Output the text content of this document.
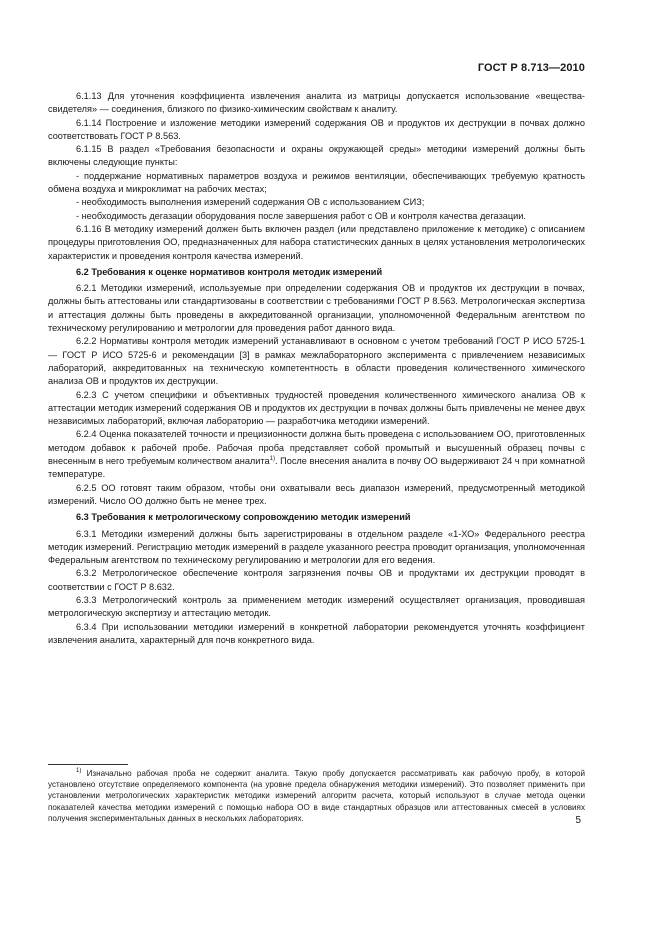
ГОСТ Р 8.713—2010

6.1.13 Для уточнения коэффициента извлечения аналита из матрицы допускается использование «вещества-свидетеля» — соединения, близкого по физико-химическим свойствам к аналиту.

6.1.14 Построение и изложение методики измерений содержания ОВ и продуктов их деструкции в почвах должно соответствовать ГОСТ Р 8.563.

6.1.15 В раздел «Требования безопасности и охраны окружающей среды» методики измерений должны быть включены следующие пункты:

- поддержание нормативных параметров воздуха и режимов вентиляции, обеспечивающих требуемую кратность обмена воздуха и микроклимат на рабочих местах;

- необходимость выполнения измерений содержания ОВ с использованием СИЗ;

- необходимость дегазации оборудования после завершения работ с ОВ и контроля качества дегазации.

6.1.16 В методику измерений должен быть включен раздел (или представлено приложение к методике) с описанием процедуры приготовления ОО, предназначенных для набора статистических данных в целях установления метрологических характеристик и проведения контроля качества измерений.

6.2 Требования к оценке нормативов контроля методик измерений

6.2.1 Методики измерений, используемые при определении содержания ОВ и продуктов их деструкции в почвах, должны быть аттестованы или стандартизованы в соответствии с требованиями ГОСТ Р 8.563. Метрологическая экспертиза и аттестация должны быть проведены в аккредитованной организации, уполномоченной Федеральным агентством по техническому регулированию и метрологии для проведения работ данного вида.

6.2.2 Нормативы контроля методик измерений устанавливают в основном с учетом требований ГОСТ Р ИСО 5725-1 — ГОСТ Р ИСО 5725-6 и рекомендации [3] в рамках межлабораторного эксперимента с привлечением независимых лабораторий, аккредитованных на техническую компетентность в области проведения количественного химического анализа ОВ и продуктов их деструкции.

6.2.3 С учетом специфики и объективных трудностей проведения количественного химического анализа ОВ к аттестации методик измерений содержания ОВ и продуктов их деструкции в почвах должны быть привлечены не менее двух независимых лабораторий, включая лабораторию — разработчика методики измерений.

6.2.4 Оценка показателей точности и прецизионности должна быть проведена с использованием ОО, приготовленных методом добавок к рабочей пробе. Рабочая проба представляет собой промытый и высушенный образец почвы с внесенным в него требуемым количеством аналита$^{1)}$. После внесения аналита в почву ОО выдерживают 24 ч при комнатной температуре.

6.2.5 ОО готовят таким образом, чтобы они охватывали весь диапазон измерений, предусмотренный методикой измерений. Число ОО должно быть не менее трех.

6.3 Требования к метрологическому сопровождению методик измерений

6.3.1 Методики измерений должны быть зарегистрированы в отдельном разделе «1-ХО» Федерального реестра методик измерений. Регистрацию методик измерений в разделе указанного реестра проводит организация, уполномоченная Федеральным агентством по техническому регулированию и метрологии для его ведения.

6.3.2 Метрологическое обеспечение контроля загрязнения почвы ОВ и продуктами их деструкции проводят в соответствии с ГОСТ Р 8.632.

6.3.3 Метрологический контроль за применением методик измерений осуществляет организация, проводившая метрологическую экспертизу и аттестацию методик.

6.3.4 При использовании методики измерений в конкретной лаборатории рекомендуется уточнять коэффициент извлечения аналита, характерный для почв конкретного вида.

$^{1)}$ Изначально рабочая проба не содержит аналита. Такую пробу допускается рассматривать как рабочую пробу, в которой установлено отсутствие определяемого компонента (на уровне предела обнаружения методики измерений). Это позволяет применить при установлении метрологических характеристик методики измерений алгоритм расчета, который используют в случае метода оценки показателей качества методики измерений с помощью набора ОО в виде стандартных образцов или аттестованных смесей в условиях получения экспериментальных данных в нескольких лабораториях.	5
